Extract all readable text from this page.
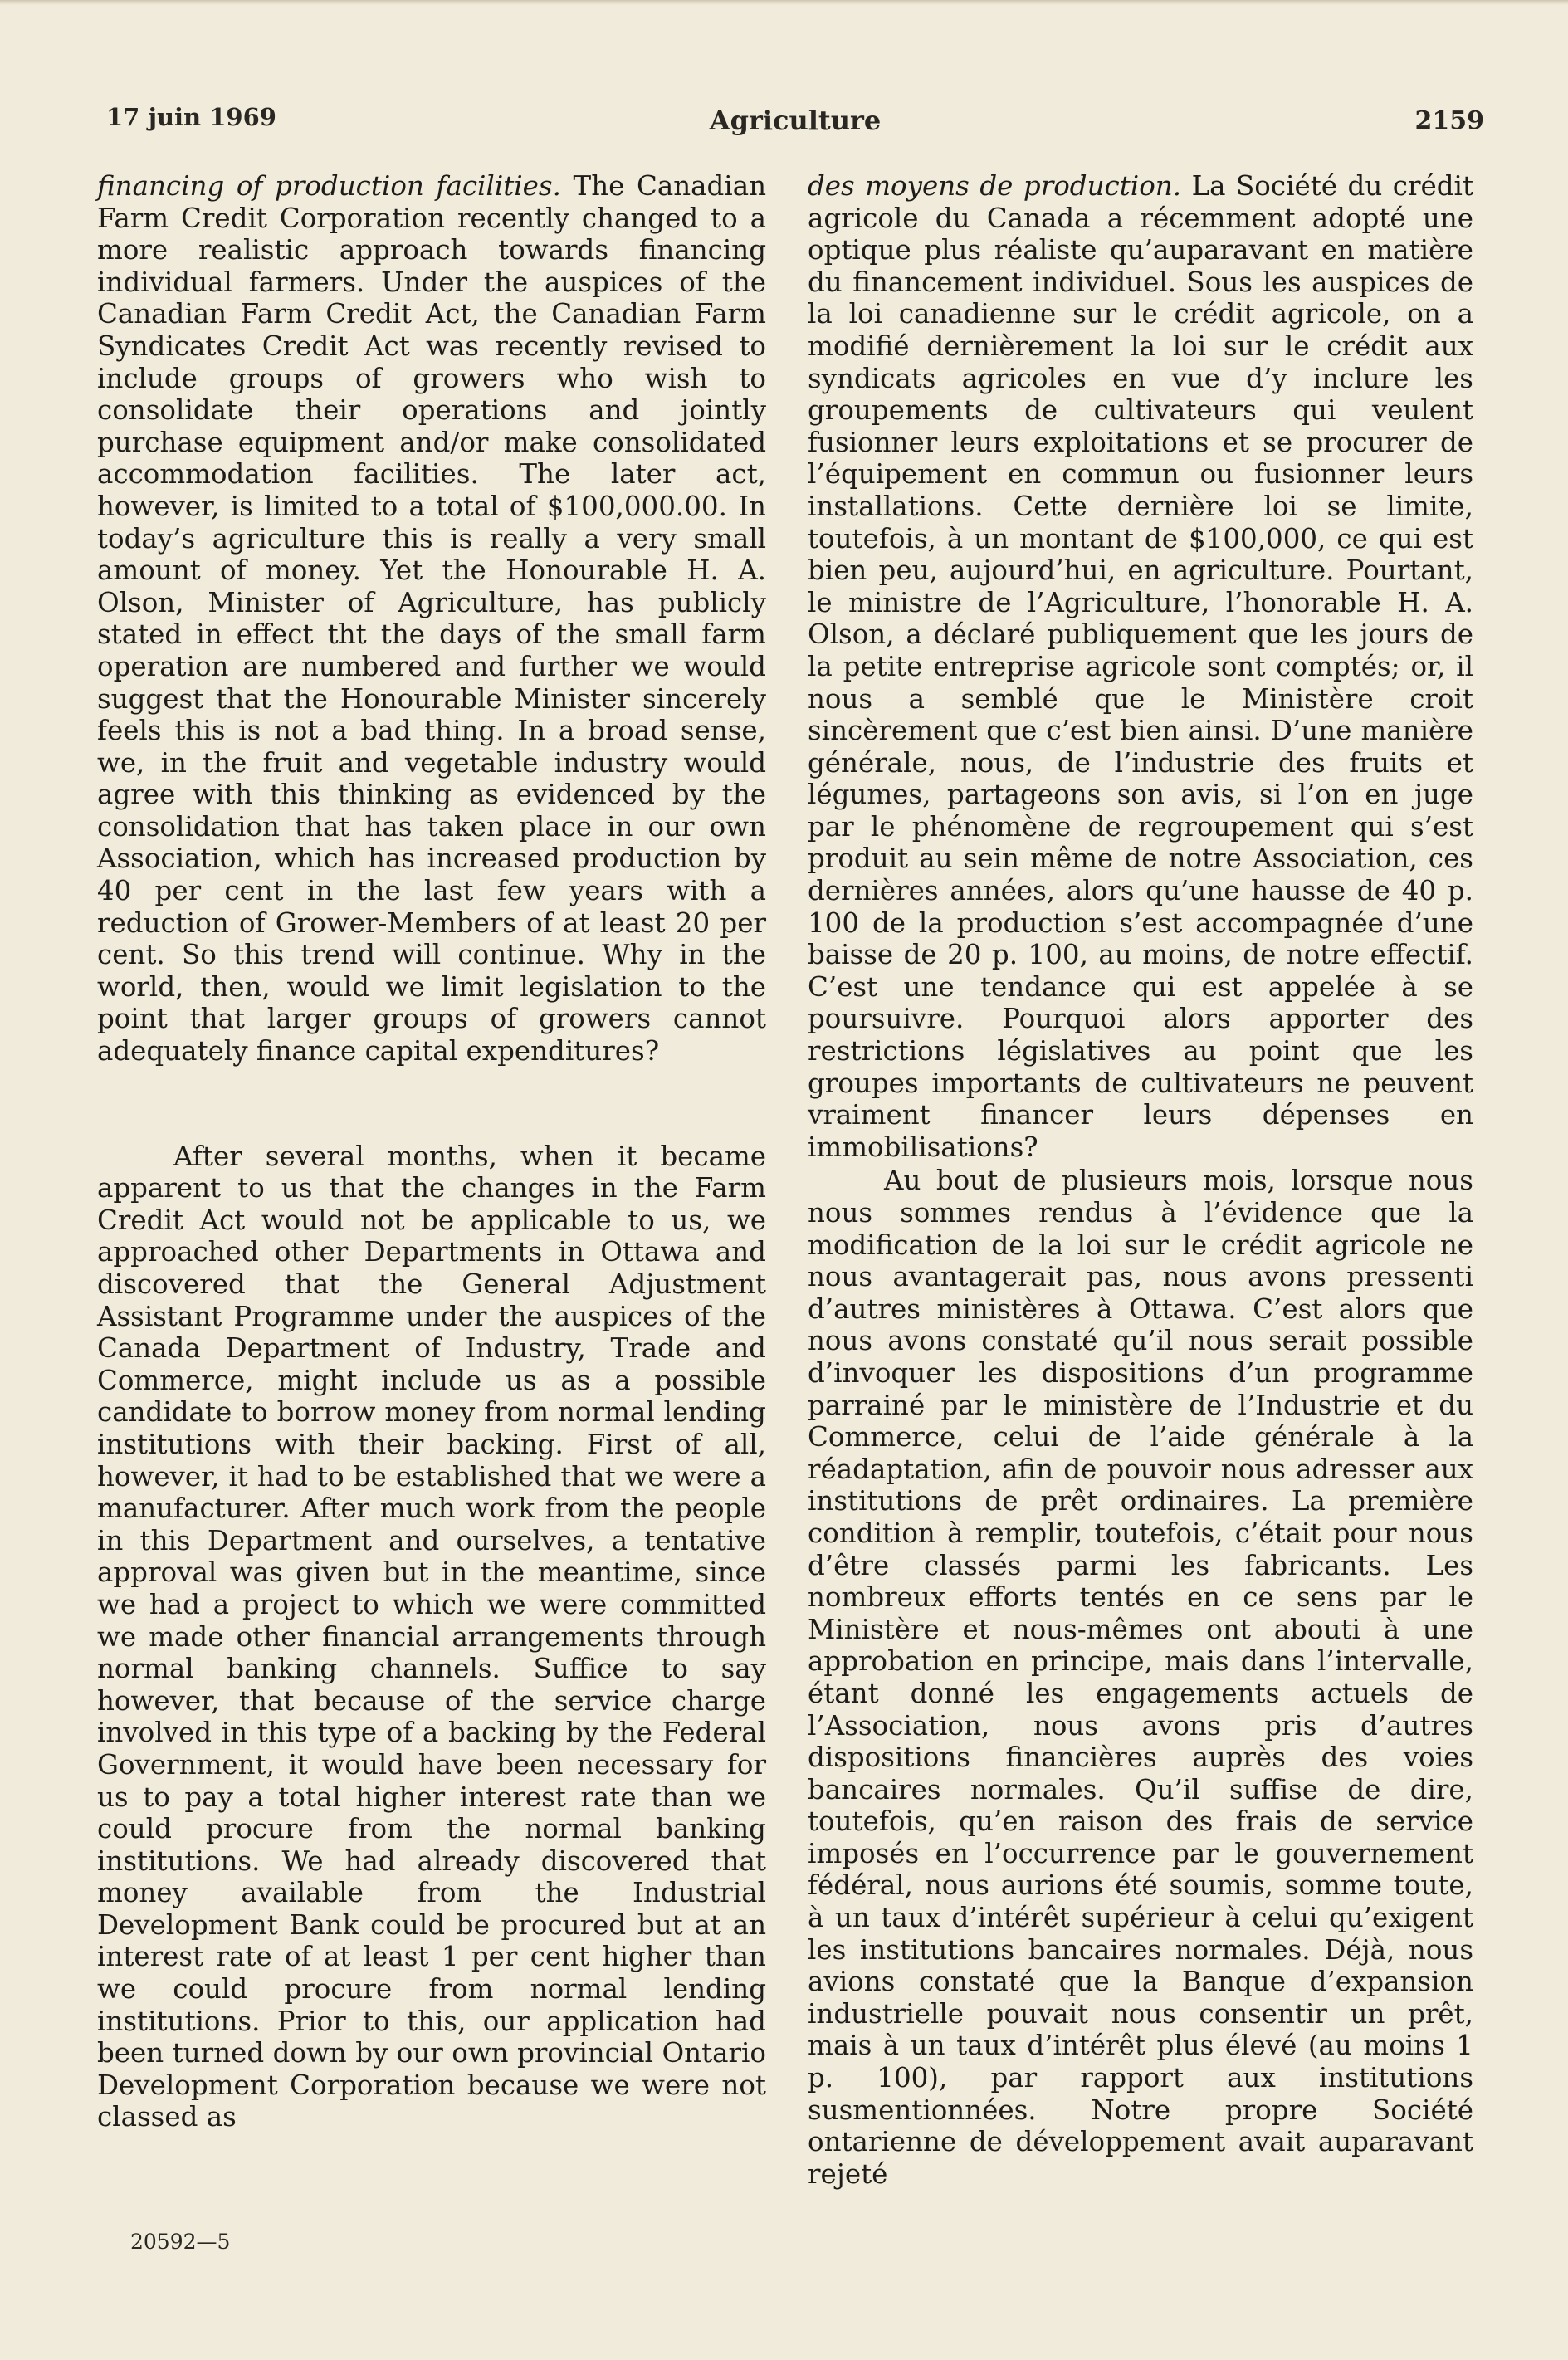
17 juin 1969	Agriculture	2159

financing of production facilities. The Canadian Farm Credit Corporation recently changed to a more realistic approach towards financing individual farmers. Under the auspices of the Canadian Farm Credit Act, the Canadian Farm Syndicates Credit Act was recently revised to include groups of growers who wish to consolidate their operations and jointly purchase equipment and/or make consolidated accommodation facilities. The later act, however, is limited to a total of $100,000.00. In today’s agriculture this is really a very small amount of money. Yet the Honourable H. A. Olson, Minister of Agriculture, has publicly stated in effect tht the days of the small farm operation are numbered and further we would suggest that the Honourable Minister sincerely feels this is not a bad thing. In a broad sense, we, in the fruit and vegetable industry would agree with this thinking as evidenced by the consolidation that has taken place in our own Association, which has increased production by 40 per cent in the last few years with a reduction of Grower-Members of at least 20 per cent. So this trend will continue. Why in the world, then, would we limit legislation to the point that larger groups of growers cannot adequately finance capital expenditures?

After several months, when it became apparent to us that the changes in the Farm Credit Act would not be applicable to us, we approached other Departments in Ottawa and discovered that the General Adjustment Assistant Programme under the auspices of the Canada Department of Industry, Trade and Commerce, might include us as a possible candidate to borrow money from normal lending institutions with their backing. First of all, however, it had to be established that we were a manufacturer. After much work from the people in this Department and ourselves, a tentative approval was given but in the meantime, since we had a project to which we were committed we made other financial arrangements through normal banking channels. Suffice to say however, that because of the service charge involved in this type of a backing by the Federal Government, it would have been necessary for us to pay a total higher interest rate than we could procure from the normal banking institutions. We had already discovered that money available from the Industrial Development Bank could be procured but at an interest rate of at least 1 per cent higher than we could procure from normal lending institutions. Prior to this, our application had been turned down by our own provincial Ontario Development Corporation because we were not classed as

des moyens de production. La Société du crédit agricole du Canada a récemment adopté une optique plus réaliste qu’auparavant en matière du financement individuel. Sous les auspices de la loi canadienne sur le crédit agricole, on a modifié dernièrement la loi sur le crédit aux syndicats agricoles en vue d’y inclure les groupements de cultivateurs qui veulent fusionner leurs exploitations et se procurer de l’équipement en commun ou fusionner leurs installations. Cette dernière loi se limite, toutefois, à un montant de $100,000, ce qui est bien peu, aujourd’hui, en agriculture. Pourtant, le ministre de l’Agriculture, l’honorable H. A. Olson, a déclaré publiquement que les jours de la petite entreprise agricole sont comptés; or, il nous a semblé que le Ministère croit sincèrement que c’est bien ainsi. D’une manière générale, nous, de l’industrie des fruits et légumes, partageons son avis, si l’on en juge par le phénomène de regroupement qui s’est produit au sein même de notre Association, ces dernières années, alors qu’une hausse de 40 p. 100 de la production s’est accompagnée d’une baisse de 20 p. 100, au moins, de notre effectif. C’est une tendance qui est appelée à se poursuivre. Pourquoi alors apporter des restrictions législatives au point que les groupes importants de cultivateurs ne peuvent vraiment financer leurs dépenses en immobilisations?

Au bout de plusieurs mois, lorsque nous nous sommes rendus à l’évidence que la modification de la loi sur le crédit agricole ne nous avantagerait pas, nous avons pressenti d’autres ministères à Ottawa. C’est alors que nous avons constaté qu’il nous serait possible d’invoquer les dispositions d’un programme parrainé par le ministère de l’Industrie et du Commerce, celui de l’aide générale à la réadaptation, afin de pouvoir nous adresser aux institutions de prêt ordinaires. La première condition à remplir, toutefois, c’était pour nous d’être classés parmi les fabricants. Les nombreux efforts tentés en ce sens par le Ministère et nous-mêmes ont abouti à une approbation en principe, mais dans l’intervalle, étant donné les engagements actuels de l’Association, nous avons pris d’autres dispositions financières auprès des voies bancaires normales. Qu’il suffise de dire, toutefois, qu’en raison des frais de service imposés en l’occurrence par le gouvernement fédéral, nous aurions été soumis, somme toute, à un taux d’intérêt supérieur à celui qu’exigent les institutions bancaires normales. Déjà, nous avions constaté que la Banque d’expansion industrielle pouvait nous consentir un prêt, mais à un taux d’intérêt plus élevé (au moins 1 p. 100), par rapport aux institutions susmentionnées. Notre propre Société ontarienne de développement avait auparavant rejeté

20592—5
